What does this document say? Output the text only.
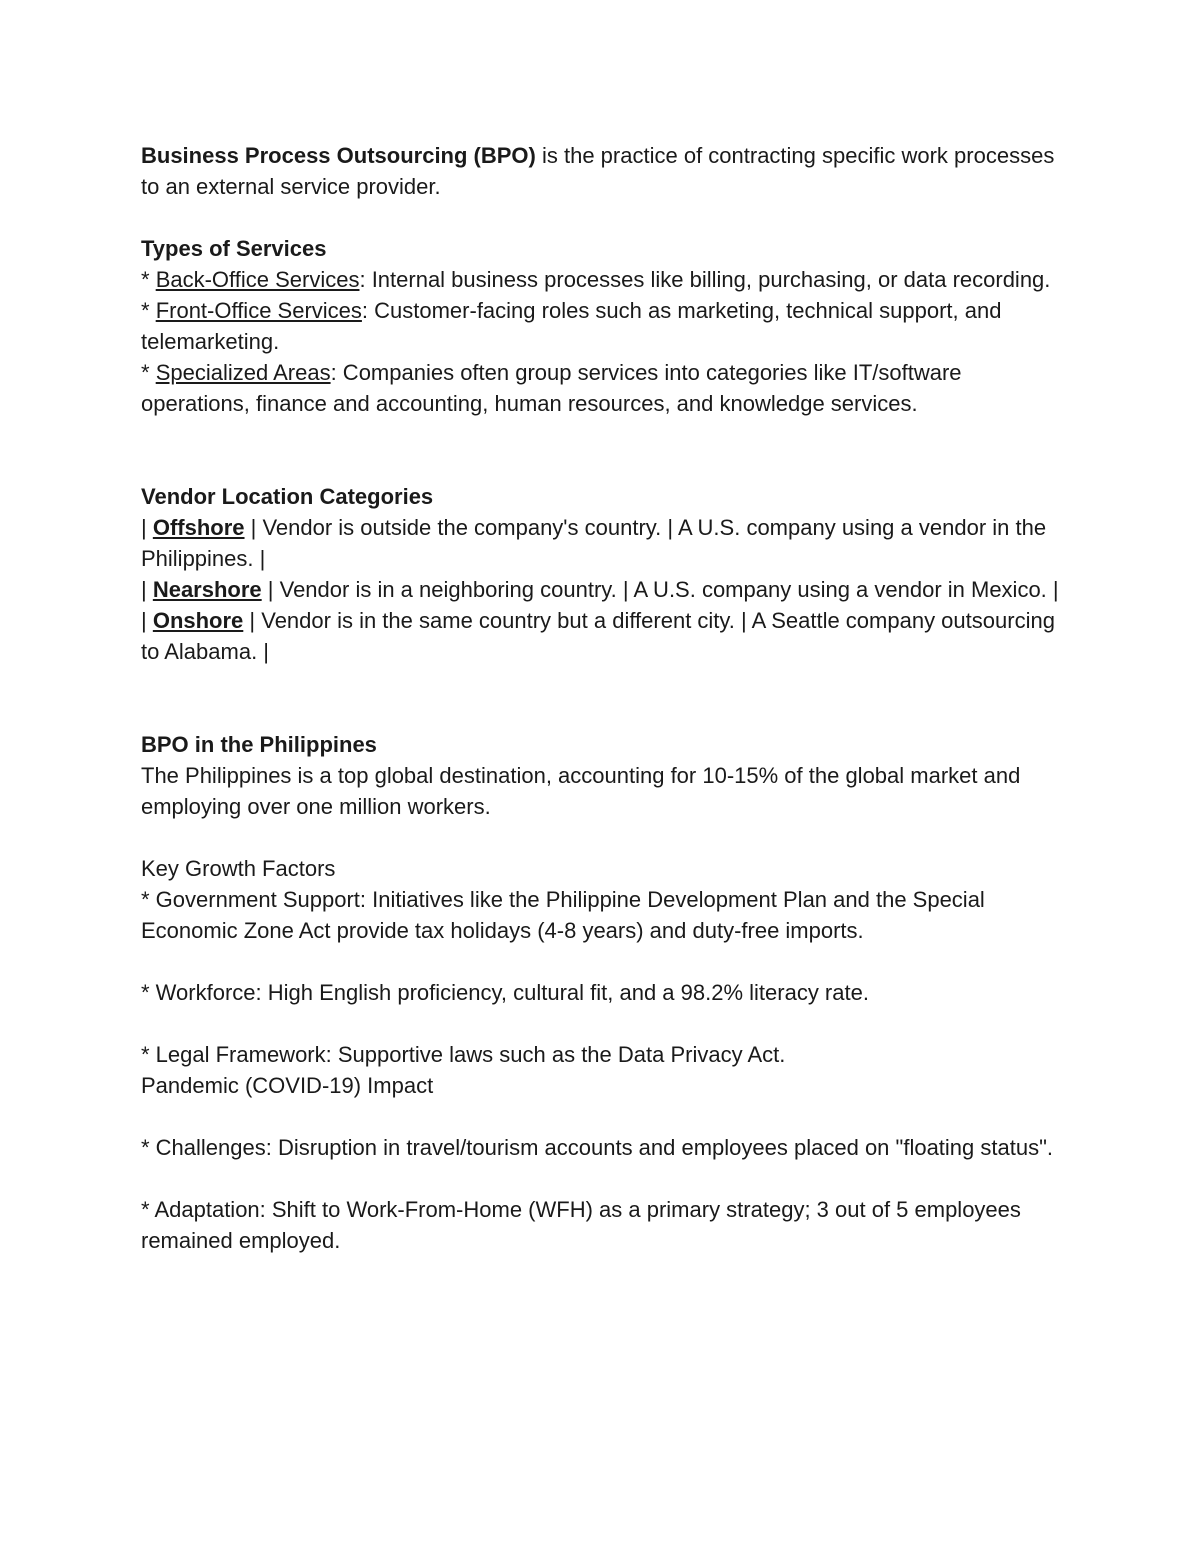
Business Process Outsourcing (BPO) is the practice of contracting specific work processes to an external service provider.

Types of Services

* Back-Office Services: Internal business processes like billing, purchasing, or data recording.

* Front-Office Services: Customer-facing roles such as marketing, technical support, and telemarketing.

* Specialized Areas: Companies often group services into categories like IT/software operations, finance and accounting, human resources, and knowledge services.

Vendor Location Categories

| Offshore | Vendor is outside the company's country. | A U.S. company using a vendor in the Philippines. |

| Nearshore | Vendor is in a neighboring country. | A U.S. company using a vendor in Mexico. |

| Onshore | Vendor is in the same country but a different city. | A Seattle company outsourcing to Alabama. |

BPO in the Philippines

The Philippines is a top global destination, accounting for 10-15% of the global market and employing over one million workers.

Key Growth Factors

* Government Support: Initiatives like the Philippine Development Plan and the Special Economic Zone Act provide tax holidays (4-8 years) and duty-free imports.

* Workforce: High English proficiency, cultural fit, and a 98.2% literacy rate.

* Legal Framework: Supportive laws such as the Data Privacy Act.

Pandemic (COVID-19) Impact

* Challenges: Disruption in travel/tourism accounts and employees placed on "floating status".

* Adaptation: Shift to Work-From-Home (WFH) as a primary strategy; 3 out of 5 employees remained employed.
